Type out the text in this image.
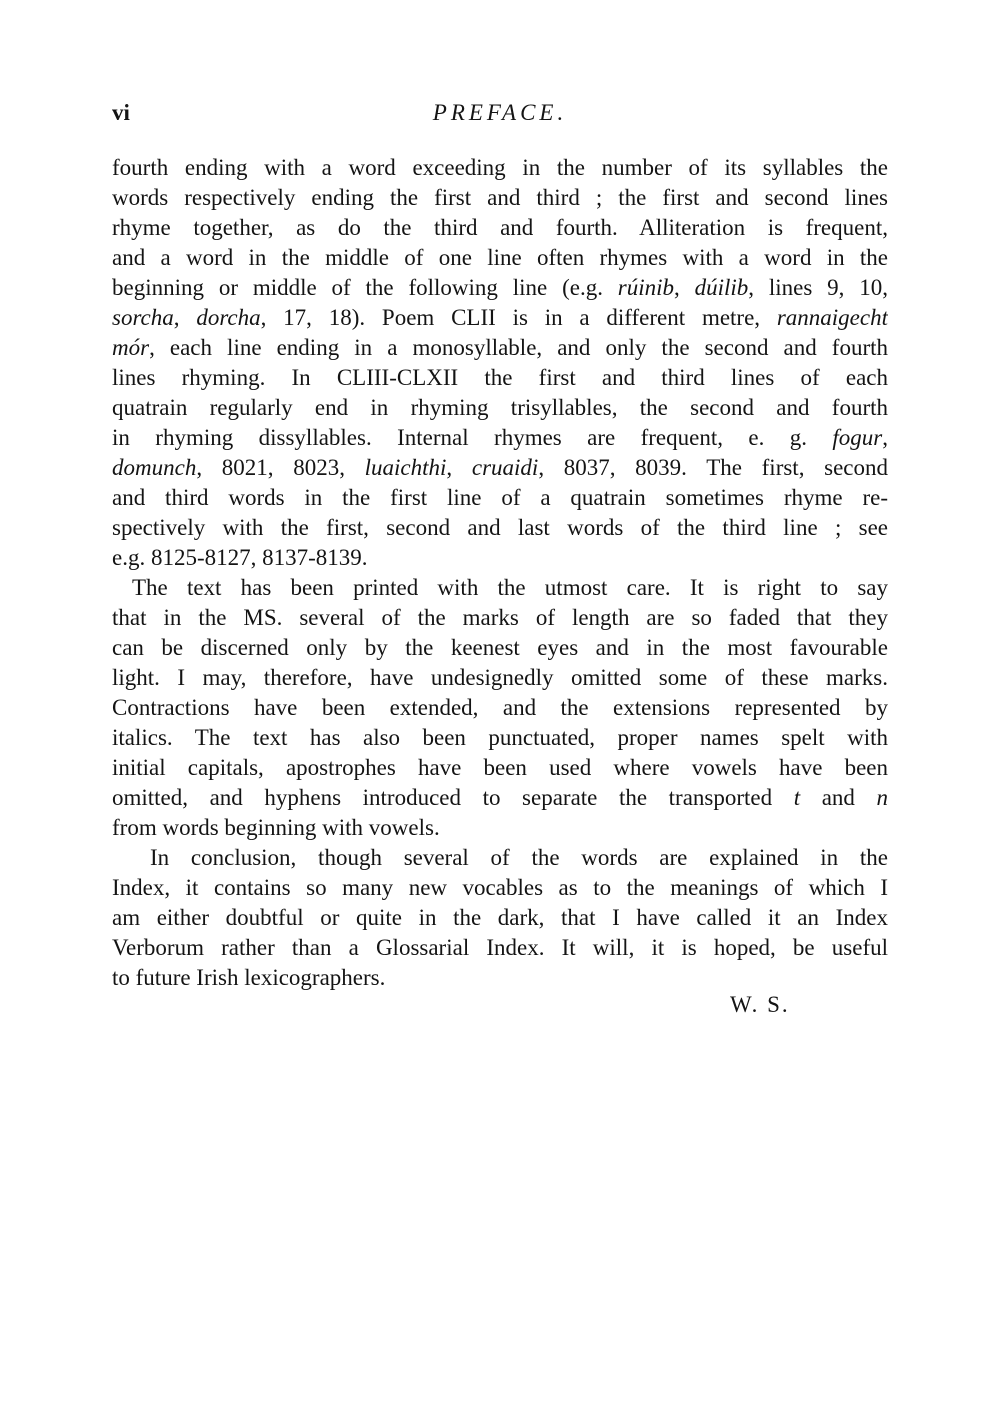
vi	PREFACE.
fourth ending with a word exceeding in the number of its syllables the
words respectively ending the first and third ; the first and second lines
rhyme together, as do the third and fourth. Alliteration is frequent,
and a word in the middle of one line often rhymes with a word in the
beginning or middle of the following line (e.g. rúinib, dúilib, lines 9, 10,
sorcha, dorcha, 17, 18). Poem CLII is in a different metre, rannaigecht
mór, each line ending in a monosyllable, and only the second and fourth
lines rhyming. In CLIII-CLXII the first and third lines of each
quatrain regularly end in rhyming trisyllables, the second and fourth
in rhyming dissyllables. Internal rhymes are frequent, e. g. fogur,
domunch, 8021, 8023, luaichthi, cruaidi, 8037, 8039. The first, second
and third words in the first line of a quatrain sometimes rhyme re-
spectively with the first, second and last words of the third line ; see
e.g. 8125-8127, 8137-8139.
The text has been printed with the utmost care. It is right to say
that in the MS. several of the marks of length are so faded that they
can be discerned only by the keenest eyes and in the most favourable
light. I may, therefore, have undesignedly omitted some of these marks.
Contractions have been extended, and the extensions represented by
italics. The text has also been punctuated, proper names spelt with
initial capitals, apostrophes have been used where vowels have been
omitted, and hyphens introduced to separate the transported t and n
from words beginning with vowels.
In conclusion, though several of the words are explained in the
Index, it contains so many new vocables as to the meanings of which I
am either doubtful or quite in the dark, that I have called it an Index
Verborum rather than a Glossarial Index. It will, it is hoped, be useful
to future Irish lexicographers.
W. S.
